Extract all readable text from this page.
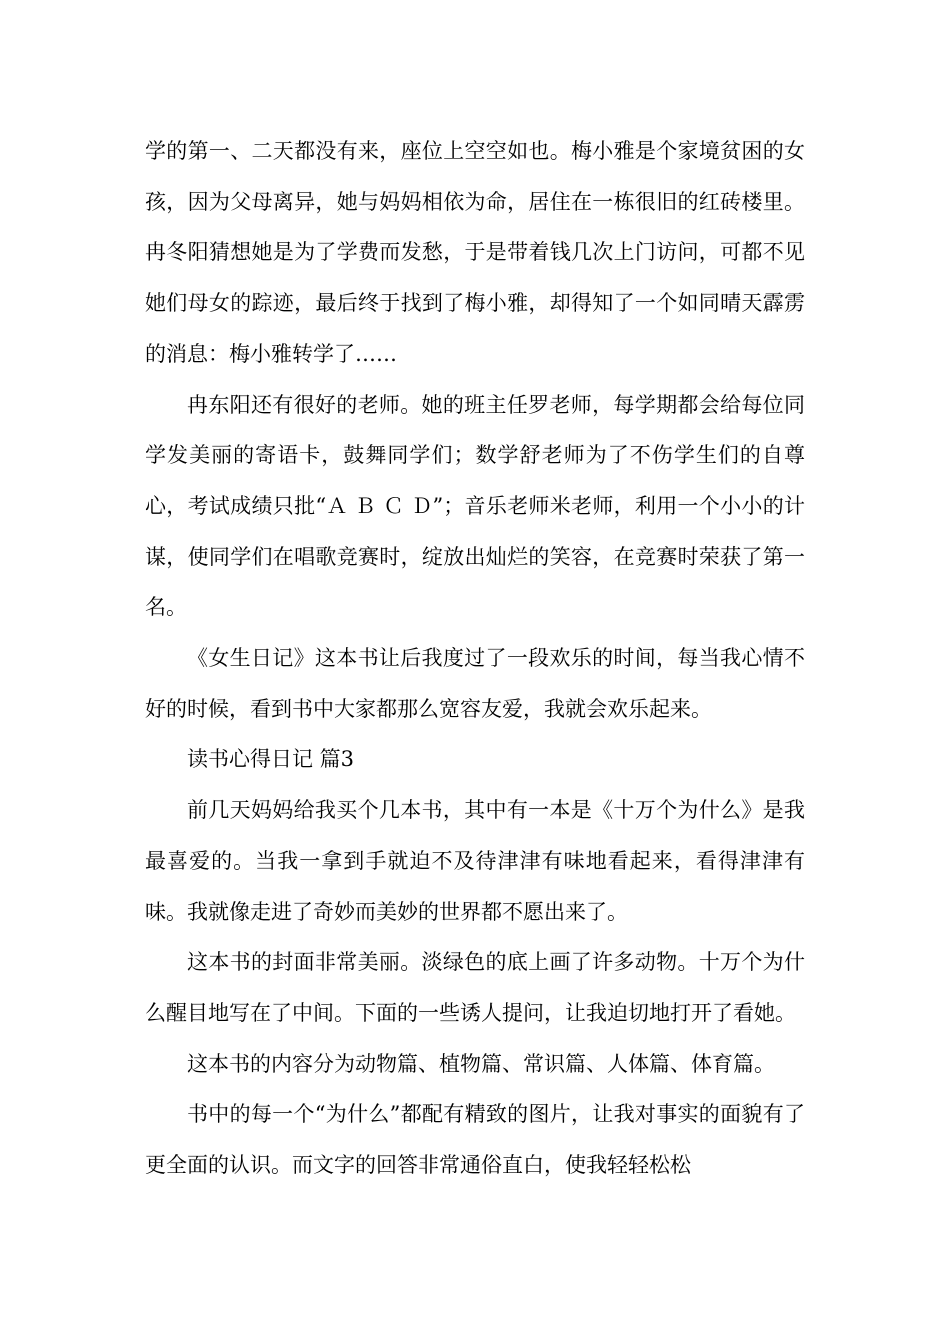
学的第一、二天都没有来，座位上空空如也。梅小雅是个家境贫困的女孩，因为父母离异，她与妈妈相依为命，居住在一栋很旧的红砖楼里。冉冬阳猜想她是为了学费而发愁，于是带着钱几次上门访问，可都不见她们母女的踪迹，最后终于找到了梅小雅，却得知了一个如同晴天霹雳的消息：梅小雅转学了……

冉东阳还有很好的老师。她的班主任罗老师，每学期都会给每位同学发美丽的寄语卡，鼓舞同学们；数学舒老师为了不伤学生们的自尊心，考试成绩只批“Ａ Ｂ Ｃ Ｄ”；音乐老师米老师，利用一个小小的计谋，使同学们在唱歌竞赛时，绽放出灿烂的笑容，在竞赛时荣获了第一名。

《女生日记》这本书让后我度过了一段欢乐的时间，每当我心情不好的时候，看到书中大家都那么宽容友爱，我就会欢乐起来。

读书心得日记 篇3

前几天妈妈给我买个几本书，其中有一本是《十万个为什么》是我最喜爱的。当我一拿到手就迫不及待津津有味地看起来，看得津津有味。我就像走进了奇妙而美妙的世界都不愿出来了。

这本书的封面非常美丽。淡绿色的底上画了许多动物。十万个为什么醒目地写在了中间。下面的一些诱人提问，让我迫切地打开了看她。

这本书的内容分为动物篇、植物篇、常识篇、人体篇、体育篇。

书中的每一个“为什么”都配有精致的图片，让我对事实的面貌有了更全面的认识。而文字的回答非常通俗直白，使我轻轻松松
